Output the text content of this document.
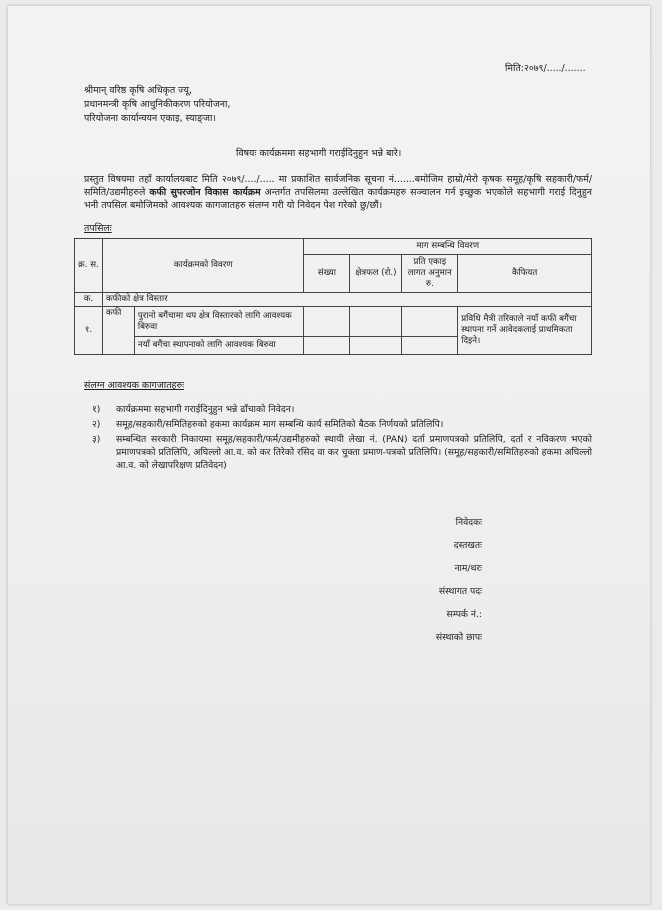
मिति:२०७९/...../.......
श्रीमान् वरिष्ठ कृषि अधिकृत ज्यू,
प्रधानमन्त्री कृषि आधुनिकीकरण परियोजना,
परियोजना कार्यान्वयन एकाइ, स्याङ्जा।
विषयः कार्यक्रममा सहभागी गराईदिनुहुन भन्ने बारे।
प्रस्तुत विषयमा तहाँ कार्यालयबाट मिति २०७९/..../..... मा प्रकाशित सार्वजनिक सूचना नं.......बमोजिम हाम्रो/मेरो कृषक समूह/कृषि सहकारी/फर्म/समिति/उद्यमीहरुले कफी सुपरजोन विकास कार्यक्रम अन्तर्गत तपसिलमा उल्लेखित कार्यक्रमहरु सञ्चालन गर्न इच्छुक भएकोले सहभागी गराई दिनुहुन भनी तपसिल बमोजिमको आवश्यक कागजातहरु संलग्न गरी यो निवेदन पेश गरेको छु/छौं।
तपसिलः
क्र. स.	कार्यक्रमको विवरण		माग सम्बन्धि विवरण			
			संख्या	क्षेत्रफल (रो.)	प्रति एकाइ लागत अनुमान रु.	कैफियत
क.	कफीको क्षेत्र विस्तार					
१.	कफी	पुरानो बगैंचामा थप क्षेत्र विस्तारको लागि आवश्यक बिरुवा				प्रविधि मैत्री तरिकाले नयाँ कफी बगैंचा स्थापना गर्ने आवेदकलाई प्राथमिकता दिइने।
		नयाँ बगैंचा स्थापनाको लागि आवश्यक बिरुवा				
संलग्न आवश्यक कागजातहरुः
१)	कार्यक्रममा सहभागी गराईदिनुहुन भन्ने ढाँचाको निवेदन।
२)	समूह/सहकारी/समितिहरुको हकमा कार्यक्रम माग सम्बन्धि कार्य समितिको बैठक निर्णयको प्रतिलिपि।
३)	सम्बन्धित सरकारी निकायमा समूह/सहकारी/फर्म/उद्यमीहरुको स्थायी लेखा नं. (PAN) दर्ता प्रमाणपत्रको प्रतिलिपि, दर्ता र नविकरण भएको प्रमाणपत्रको प्रतिलिपि, अघिल्लो आ.व. को कर तिरेको रसिद वा कर चुक्ता प्रमाण-पत्रको प्रतिलिपि। (समूह/सहकारी/समितिहरुको हकमा अघिल्लो आ.व. को लेखापरिक्षण प्रतिवेदन)
निवेदकः
दस्तखतः
नाम/थरः
संस्थागत पदः
सम्पर्क नं.:
संस्थाको छापः
